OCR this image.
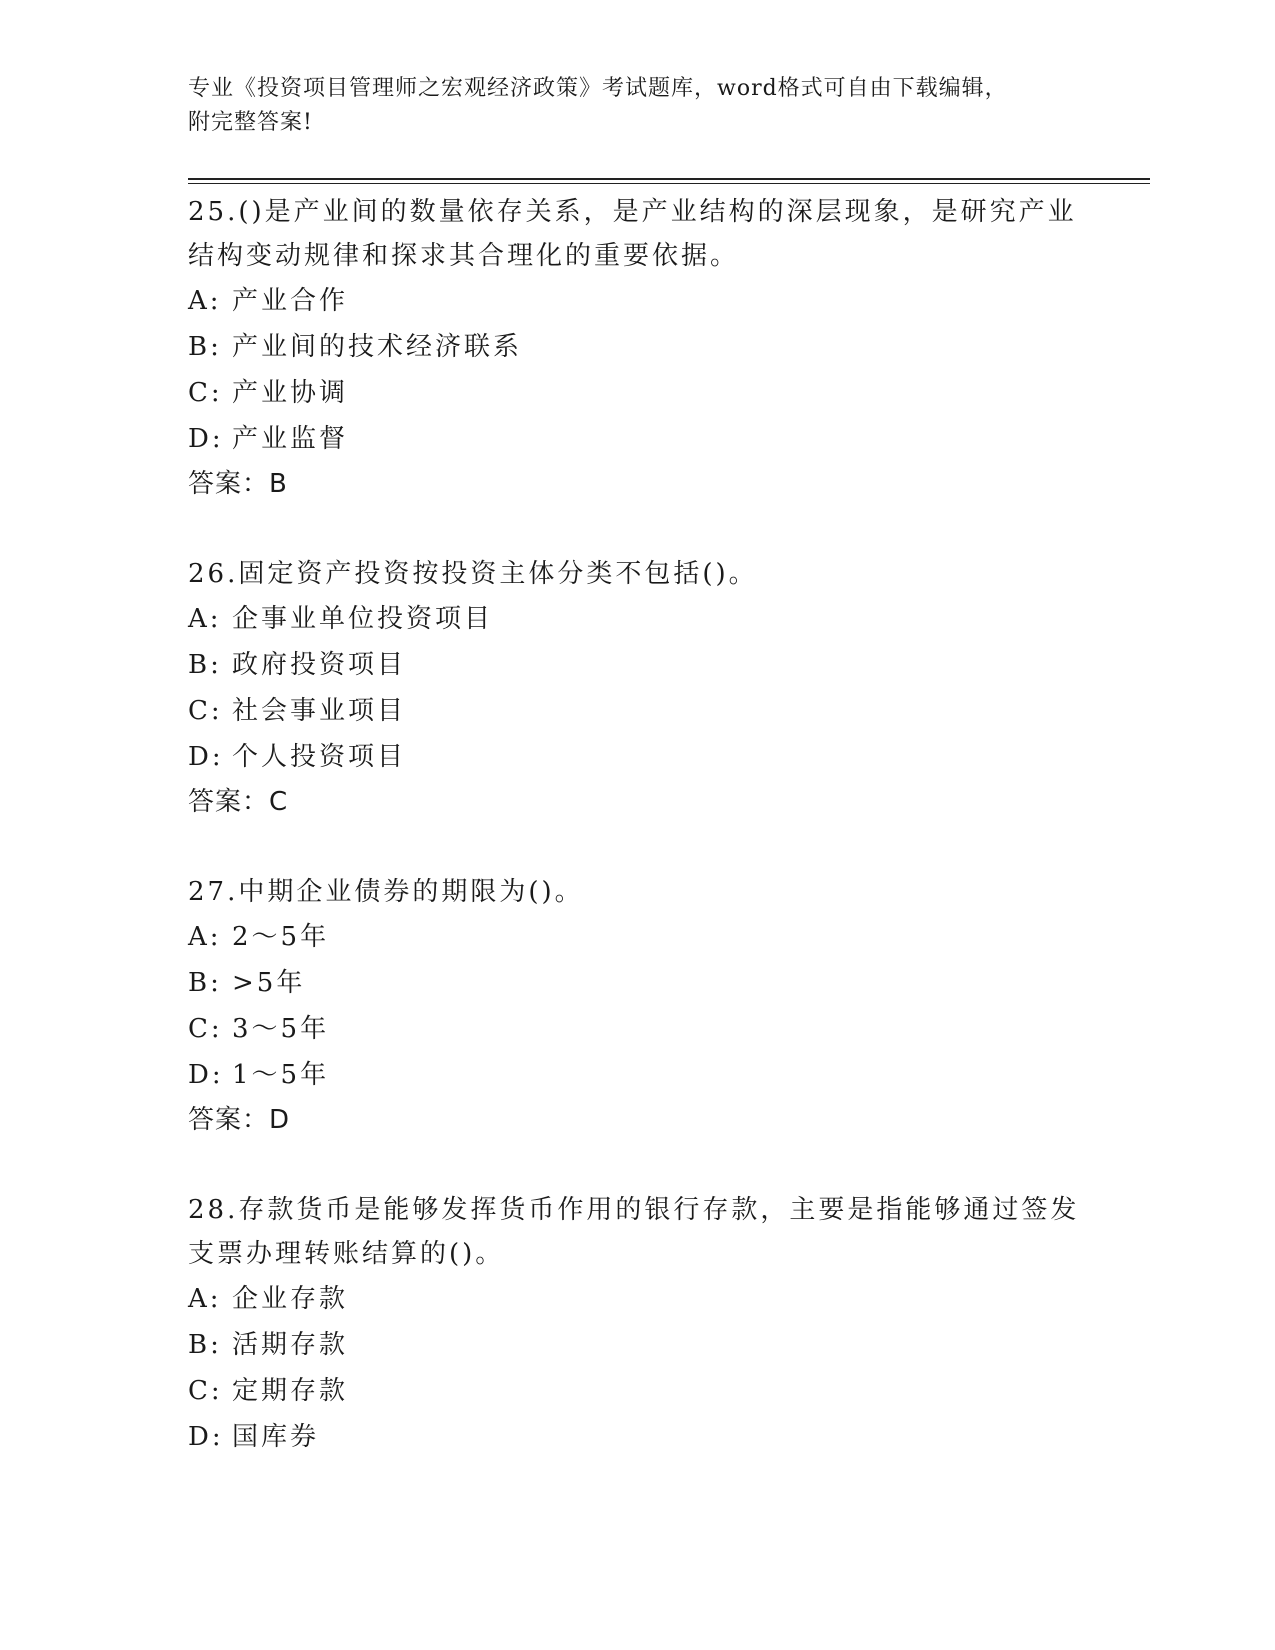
专业《投资项目管理师之宏观经济政策》考试题库，word格式可自由下载编辑，
附完整答案!

25.()是产业间的数量依存关系，是产业结构的深层现象，是研究产业结构变动规律和探求其合理化的重要依据。

A: 产业合作

B: 产业间的技术经济联系

C: 产业协调

D: 产业监督

答案：B

26.固定资产投资按投资主体分类不包括()。

A: 企事业单位投资项目

B: 政府投资项目

C: 社会事业项目

D: 个人投资项目

答案：C

27.中期企业债券的期限为()。

A: 2～5年

B: >5年

C: 3～5年

D: 1～5年

答案：D

28.存款货币是能够发挥货币作用的银行存款，主要是指能够通过签发支票办理转账结算的()。

A: 企业存款

B: 活期存款

C: 定期存款

D: 国库券
